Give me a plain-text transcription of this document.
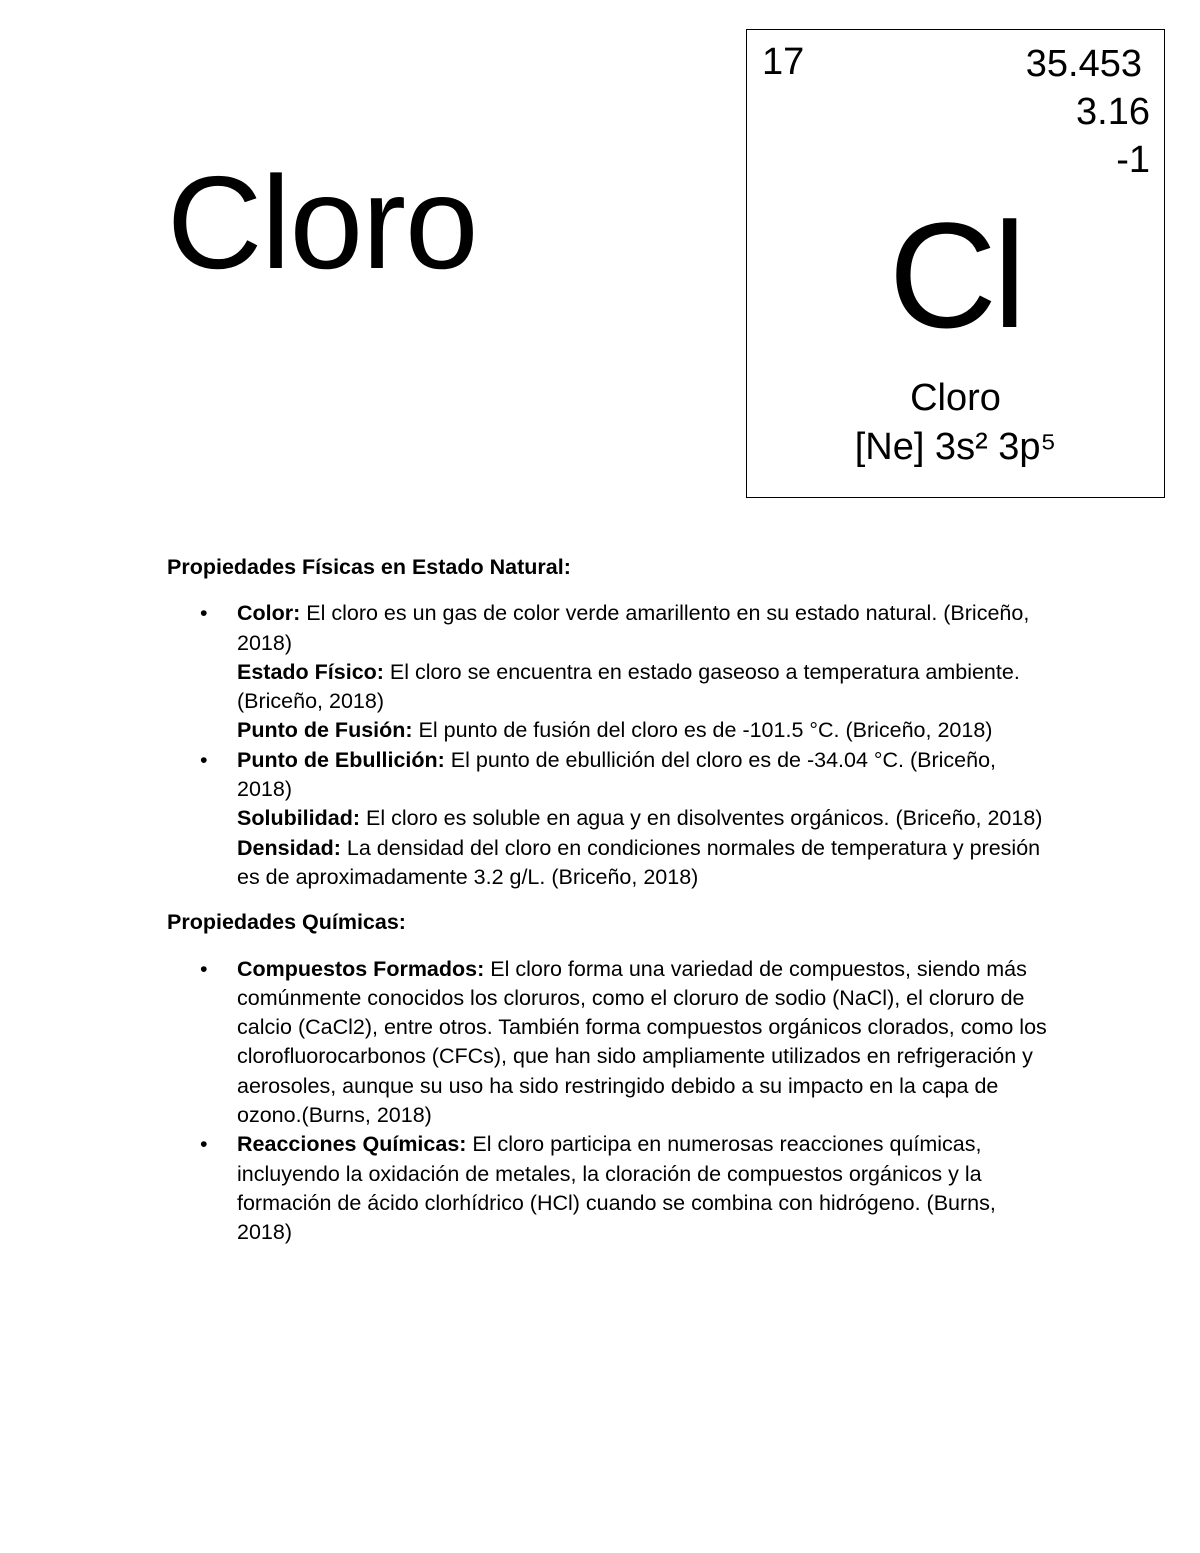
Cloro
17	35.453
3.16
-1
Cl
Cloro
[Ne] 3s² 3p⁵
Propiedades Físicas en Estado Natural:
• Color: El cloro es un gas de color verde amarillento en su estado natural. (Briceño, 2018)
Estado Físico: El cloro se encuentra en estado gaseoso a temperatura ambiente. (Briceño, 2018)
Punto de Fusión: El punto de fusión del cloro es de -101.5 °C. (Briceño, 2018)
• Punto de Ebullición: El punto de ebullición del cloro es de -34.04 °C. (Briceño, 2018)
Solubilidad: El cloro es soluble en agua y en disolventes orgánicos. (Briceño, 2018)
Densidad: La densidad del cloro en condiciones normales de temperatura y presión es de aproximadamente 3.2 g/L. (Briceño, 2018)
Propiedades Químicas:
• Compuestos Formados: El cloro forma una variedad de compuestos, siendo más comúnmente conocidos los cloruros, como el cloruro de sodio (NaCl), el cloruro de calcio (CaCl2), entre otros. También forma compuestos orgánicos clorados, como los clorofluorocarbonos (CFCs), que han sido ampliamente utilizados en refrigeración y aerosoles, aunque su uso ha sido restringido debido a su impacto en la capa de ozono.(Burns, 2018)
• Reacciones Químicas: El cloro participa en numerosas reacciones químicas, incluyendo la oxidación de metales, la cloración de compuestos orgánicos y la formación de ácido clorhídrico (HCl) cuando se combina con hidrógeno. (Burns, 2018)
